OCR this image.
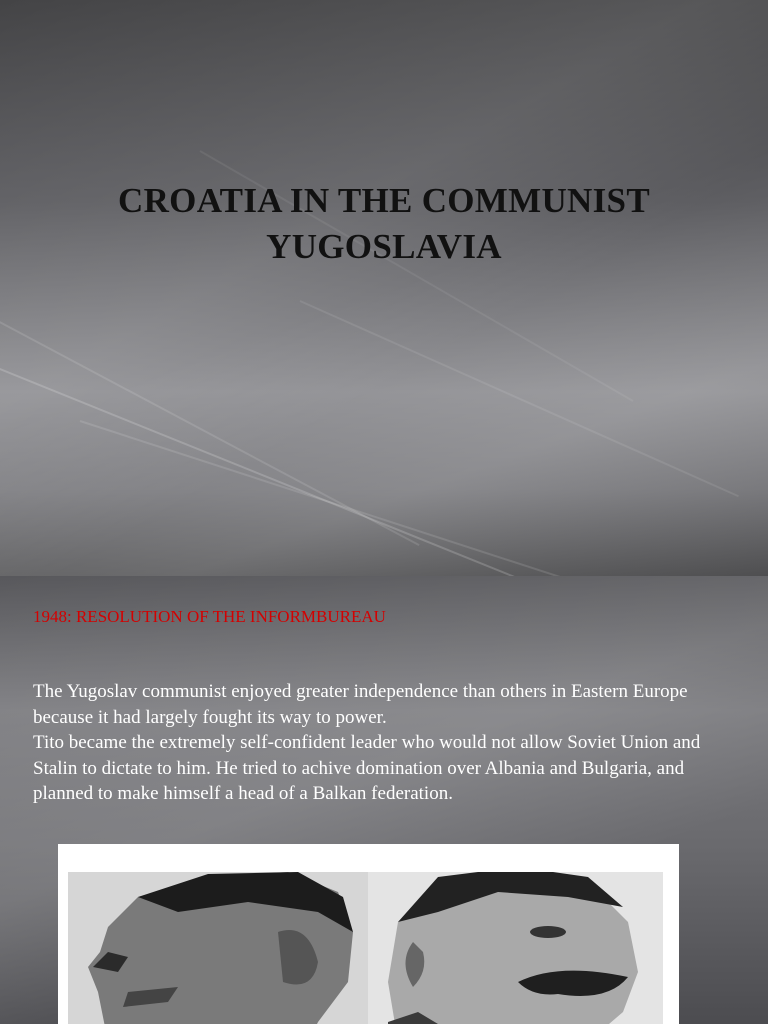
CROATIA IN THE COMMUNIST
YUGOSLAVIA
1948: RESOLUTION OF THE INFORMBUREAU

The Yugoslav communist enjoyed greater independence than others in Eastern Europe because it had largely fought its way to power.

Tito became the extremely self-confident leader who would not allow Soviet Union and Stalin to dictate to him. He tried to achive domination over Albania and Bulgaria, and planned to make himself a head of a Balkan federation.
